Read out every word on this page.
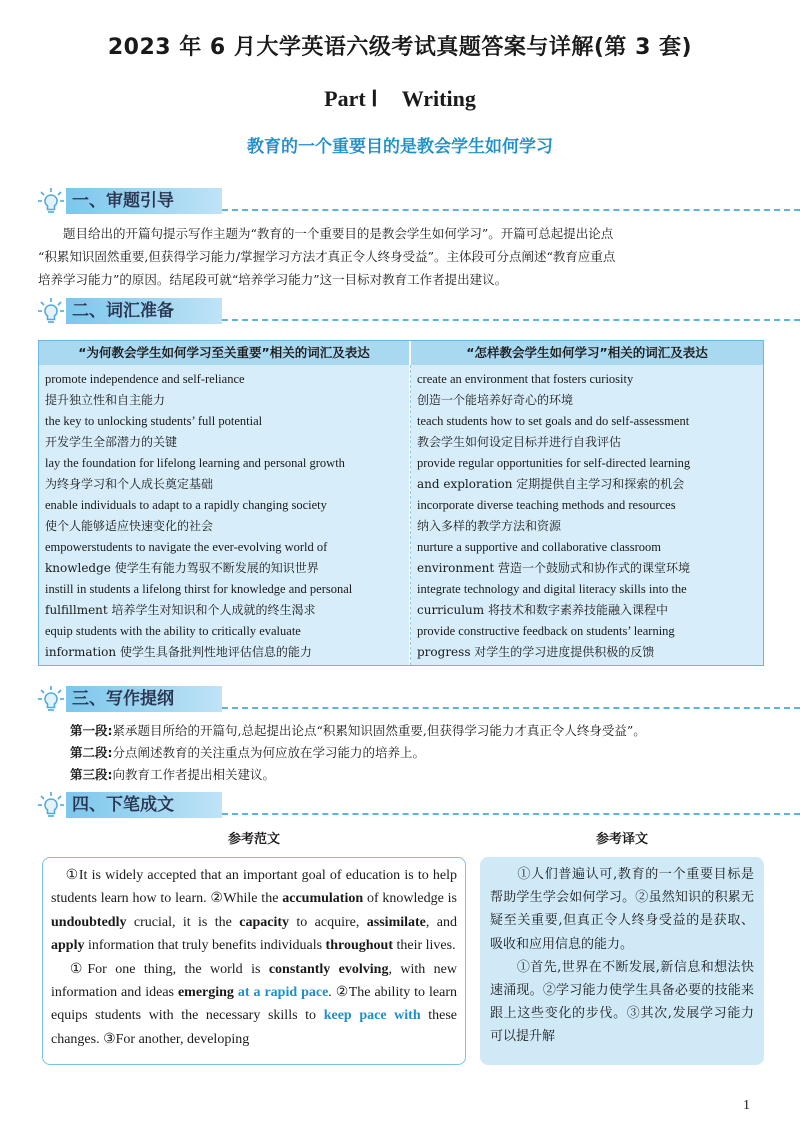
2023 年 6 月大学英语六级考试真题答案与详解(第 3 套)
Part Ⅰ Writing
教育的一个重要目的是教会学生如何学习
一、审题引导
　　题目给出的开篇句提示写作主题为“教育的一个重要目的是教会学生如何学习”。开篇可总起提出论点
“积累知识固然重要,但获得学习能力/掌握学习方法才真正令人终身受益”。主体段可分点阐述“教育应重点
培养学习能力”的原因。结尾段可就“培养学习能力”这一目标对教育工作者提出建议。
二、词汇准备
“为何教会学生如何学习至关重要”相关的词汇及表达	“怎样教会学生如何学习”相关的词汇及表达

promote independence and self-reliance

提升独立性和自主能力

the key to unlocking students’ full potential

开发学生全部潜力的关键

lay the foundation for lifelong learning and personal growth

为终身学习和个人成长奠定基础

enable individuals to adapt to a rapidly changing society

使个人能够适应快速变化的社会

empowerstudents to navigate the ever-evolving world of

knowledge 使学生有能力驾驭不断发展的知识世界

instill in students a lifelong thirst for knowledge and personal

fulfillment 培养学生对知识和个人成就的终生渴求

equip students with the ability to critically evaluate

information 使学生具备批判性地评估信息的能力

create an environment that fosters curiosity

创造一个能培养好奇心的环境

teach students how to set goals and do self-assessment

教会学生如何设定目标并进行自我评估

provide regular opportunities for self-directed learning

and exploration 定期提供自主学习和探索的机会

incorporate diverse teaching methods and resources

纳入多样的教学方法和资源

nurture a supportive and collaborative classroom

environment 营造一个鼓励式和协作式的课堂环境

integrate technology and digital literacy skills into the

curriculum 将技术和数字素养技能融入课程中

provide constructive feedback on students’ learning

progress 对学生的学习进度提供积极的反馈

三、写作提纲
第一段:紧承题目所给的开篇句,总起提出论点“积累知识固然重要,但获得学习能力才真正令人终身受益”。
第二段:分点阐述教育的关注重点为何应放在学习能力的培养上。
第三段:向教育工作者提出相关建议。
四、下笔成文
参考范文	参考译文

 ①It is widely accepted that an important goal of education is to help students learn how to learn. ②While the accumulation of knowledge is undoubtedly crucial, it is the capacity to acquire, assimilate, and apply information that truly benefits individuals throughout their lives.

 ①For one thing, the world is constantly evolving, with new information and ideas emerging at a rapid pace. ②The ability to learn equips students with the necessary skills to keep pace with these changes. ③For another, developing

　　①人们普遍认可,教育的一个重要目标是帮助学生学会如何学习。②虽然知识的积累无疑至关重要,但真正令人终身受益的是获取、吸收和应用信息的能力。

　　①首先,世界在不断发展,新信息和想法快速涌现。②学习能力使学生具备必要的技能来跟上这些变化的步伐。③其次,发展学习能力可以提升解

1
